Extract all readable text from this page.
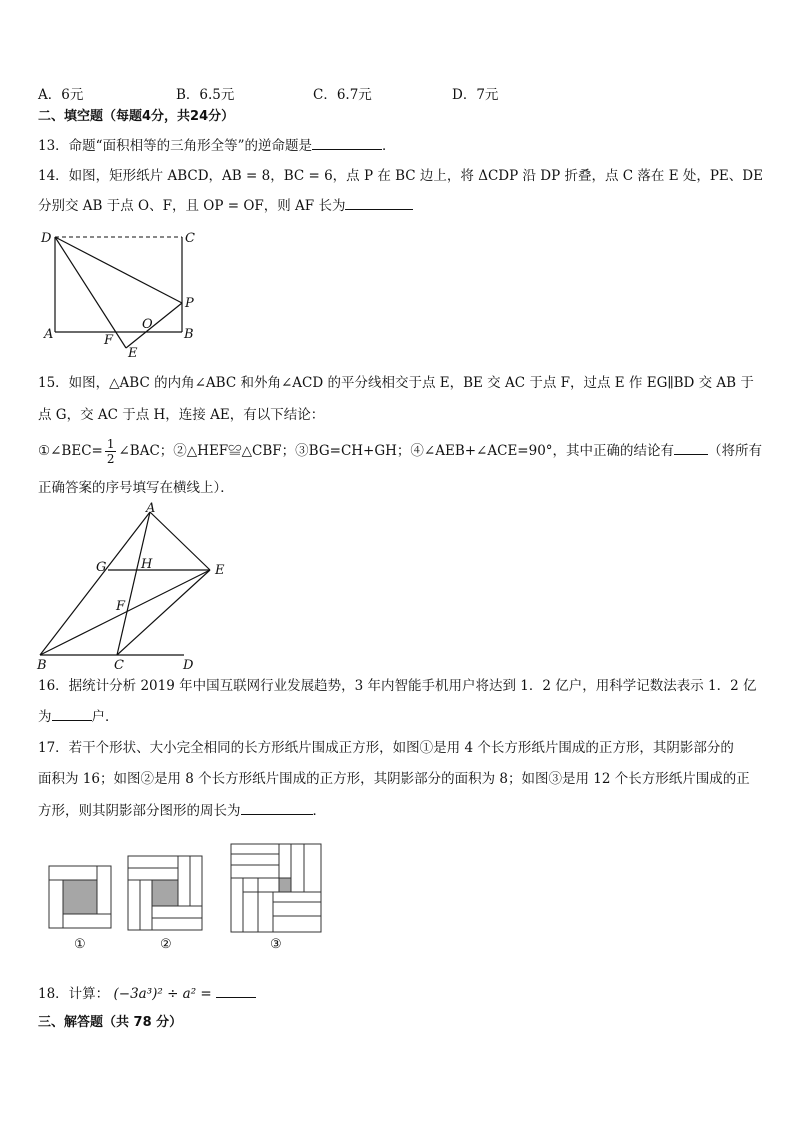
A．6元	B．6.5元	C．6.7元	D．7元
二、填空题（每题4分，共24分）
13．命题“面积相等的三角形全等”的逆命题是	．
14．如图，矩形纸片 ABCD，AB = 8，BC = 6，点 P 在 BC 边上，将 ΔCDP 沿 DP 折叠，点 C 落在 E 处，PE、DE
分别交 AB 于点 O、F，且 OP = OF，则 AF 长为
D	C
P
O
A	B
F
E
15．如图，△ABC 的内角∠ABC 和外角∠ACD 的平分线相交于点 E，BE 交 AC 于点 F，过点 E 作 EG∥BD 交 AB 于
点 G，交 AC 于点 H，连接 AE，有以下结论：
①∠BEC= $\frac{1}{2}$ ∠BAC；②△HEF≌△CBF；③BG=CH+GH；④∠AEB+∠ACE=90°，其中正确的结论有	（将所有
正确答案的序号填写在横线上）．
A
G	H	E
F
B	C	D
16．据统计分析 2019 年中国互联网行业发展趋势，3 年内智能手机用户将达到 1．2 亿户，用科学记数法表示 1．2 亿
为	户．
17．若干个形状、大小完全相同的长方形纸片围成正方形，如图①是用 4 个长方形纸片围成的正方形，其阴影部分的
面积为 16；如图②是用 8 个长方形纸片围成的正方形，其阴影部分的面积为 8；如图③是用 12 个长方形纸片围成的正
方形，则其阴影部分图形的周长为	．
①	②	③
18．计算： (−3a³)² ÷ a² =
三、解答题（共 78 分）
